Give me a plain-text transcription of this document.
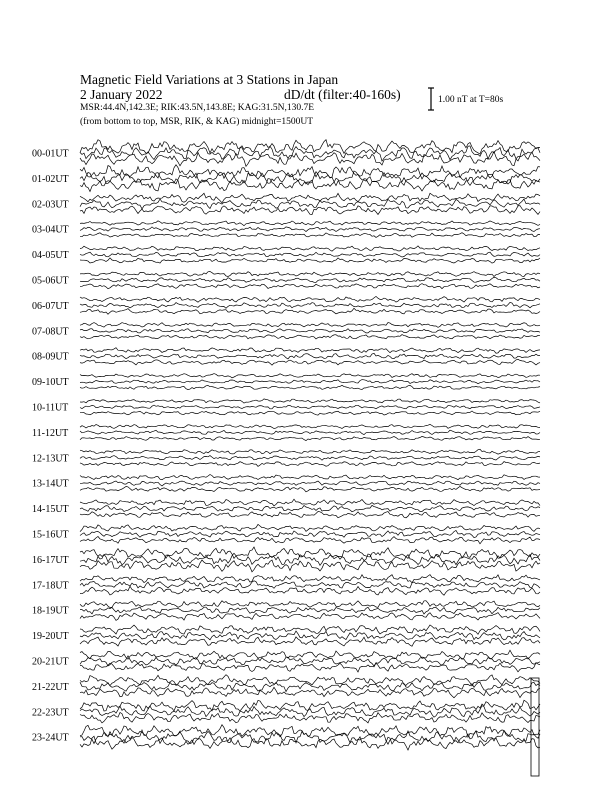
Magnetic Field Variations at 3 Stations in Japan
2 January 2022	dD/dt (filter:40-160s)
MSR:44.4N,142.3E; RIK:43.5N,143.8E; KAG:31.5N,130.7E
(from bottom to top, MSR, RIK, & KAG) midnight=1500UT
1.00 nT at T=80s
00-01UT
01-02UT
02-03UT
03-04UT
04-05UT
05-06UT
06-07UT
07-08UT
08-09UT
09-10UT
10-11UT
11-12UT
12-13UT
13-14UT
14-15UT
15-16UT
16-17UT
17-18UT
18-19UT
19-20UT
20-21UT
21-22UT
22-23UT
23-24UT
